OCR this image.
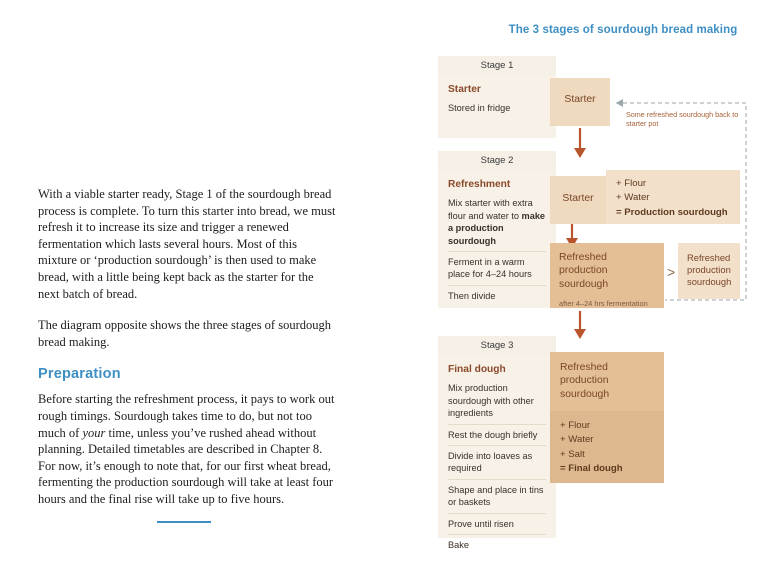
With a viable starter ready, Stage 1 of the sourdough bread process is complete. To turn this starter into bread, we must refresh it to increase its size and trigger a renewed fermentation which lasts several hours. Most of this mixture or ‘production sourdough’ is then used to make bread, with a little being kept back as the starter for the next batch of bread.

The diagram opposite shows the three stages of sourdough bread making.

Preparation

Before starting the refreshment process, it pays to work out rough timings. Sourdough takes time to do, but not too much of your time, unless you’ve rushed ahead without planning. Detailed timetables are described in Chapter 8. For now, it’s enough to note that, for our first wheat bread, fermenting the production sourdough will take at least four hours and the final rise will take up to five hours.

The 3 stages of sourdough bread making
Stage 1
Starter
Stored in fridge
Starter
Some refreshed sourdough back to starter pot
Stage 2
Refreshment
Mix starter with extra flour and water to make a production sourdough
Ferment in a warm place for 4–24 hours
Then divide
Starter
+ Flour
+ Water
= Production sourdough
Refreshed production sourdough
after 4–24 hrs fermentation
>
Refreshed production sourdough
Stage 3
Final dough
Mix production sourdough with other ingredients
Rest the dough briefly
Divide into loaves as required
Shape and place in tins or baskets
Prove until risen
Bake
Refreshed production sourdough
+ Flour
+ Water
+ Salt
= Final dough
